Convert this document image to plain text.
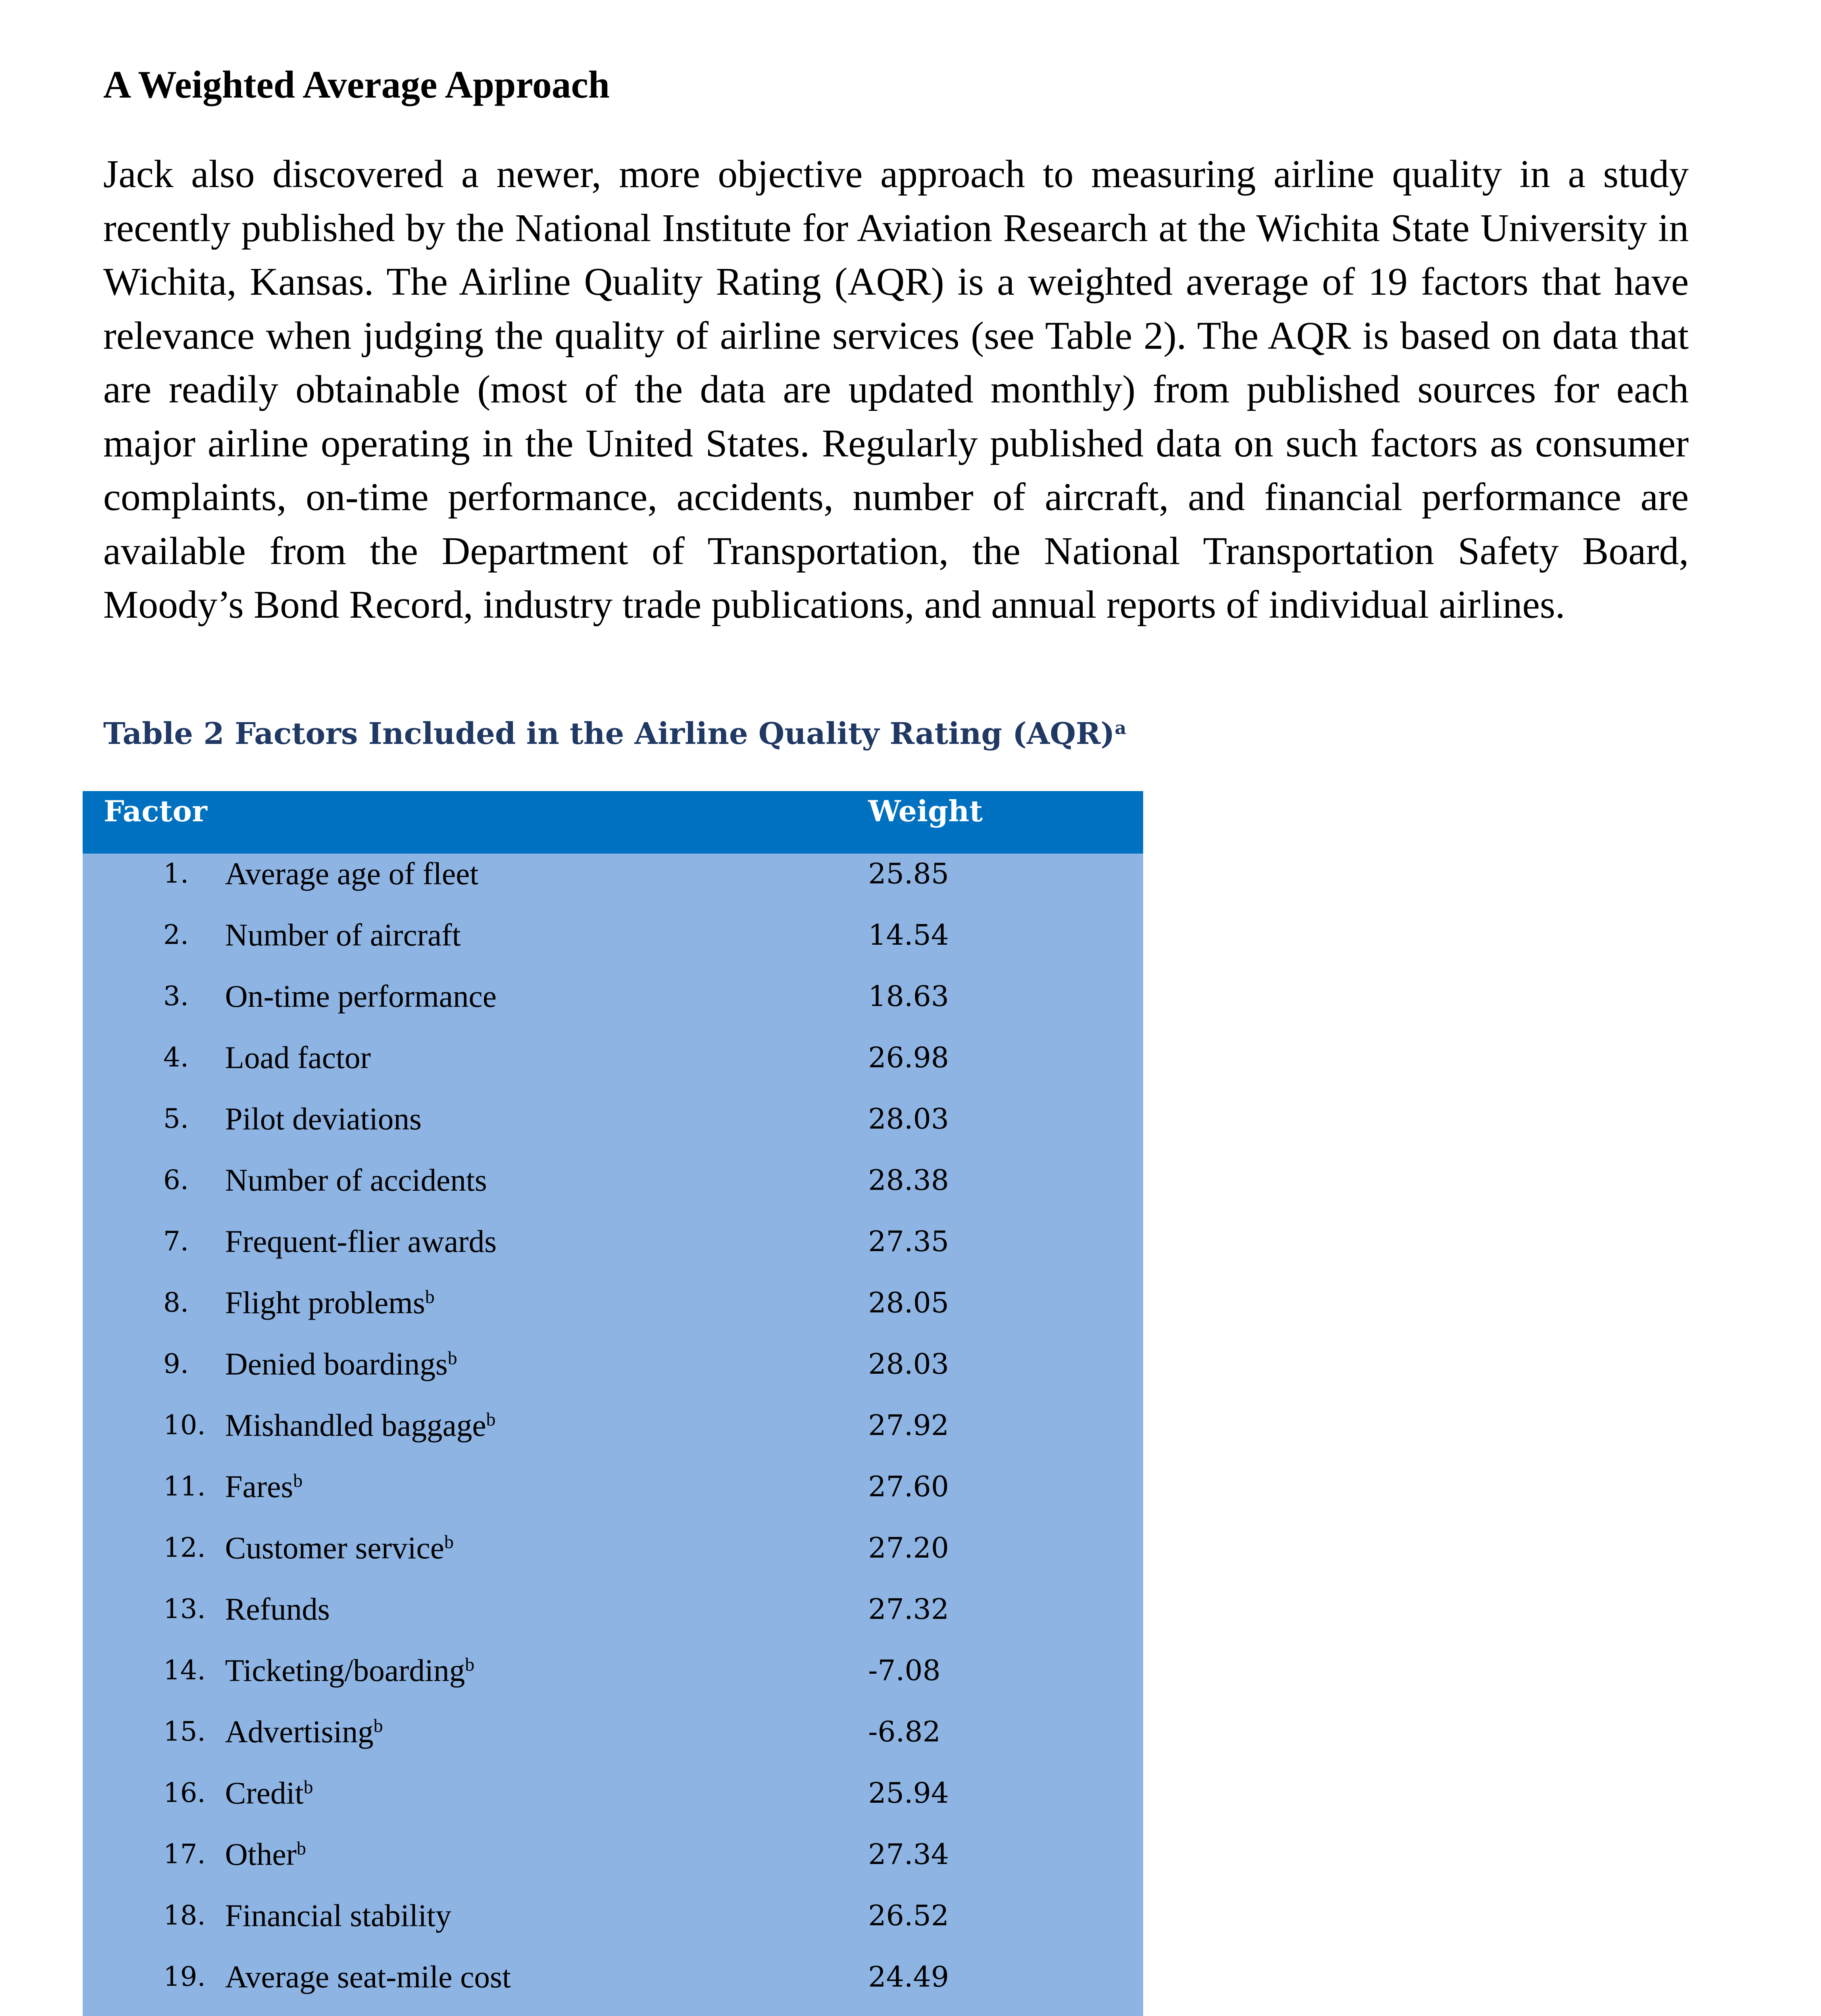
A Weighted Average Approach

Jack also discovered a newer, more objective approach to measuring airline quality in a study recently published by the National Institute for Aviation Research at the Wichita State University in Wichita, Kansas. The Airline Quality Rating (AQR) is a weighted average of 19 factors that have relevance when judging the quality of airline services (see Table 2). The AQR is based on data that are readily obtainable (most of the data are updated monthly) from published sources for each major airline operating in the United States. Regularly published data on such factors as consumer complaints, on-time performance, accidents, number of aircraft, and financial performance are available from the Department of Transportation, the National Transportation Safety Board, Moody’s Bond Record, industry trade publications, and annual reports of individual airlines.

Table 2 Factors Included in the Airline Quality Rating (AQR)$^a$
Factor	Weight
1. Average age of fleet	25.85
2. Number of aircraft	14.54
3. On-time performance	18.63
4. Load factor	26.98
5. Pilot deviations	28.03
6. Number of accidents	28.38
7. Frequent-flier awards	27.35
8. Flight problems$^b$	28.05
9. Denied boardings$^b$	28.03
10. Mishandled baggage$^b$	27.92
11. Fares$^b$	27.60
12. Customer service$^b$	27.20
13. Refunds	27.32
14. Ticketing/boarding$^b$	-7.08
15. Advertising$^b$	-6.82
16. Credit$^b$	25.94
17. Other$^b$	27.34
18. Financial stability	26.52
19. Average seat-mile cost	24.49
